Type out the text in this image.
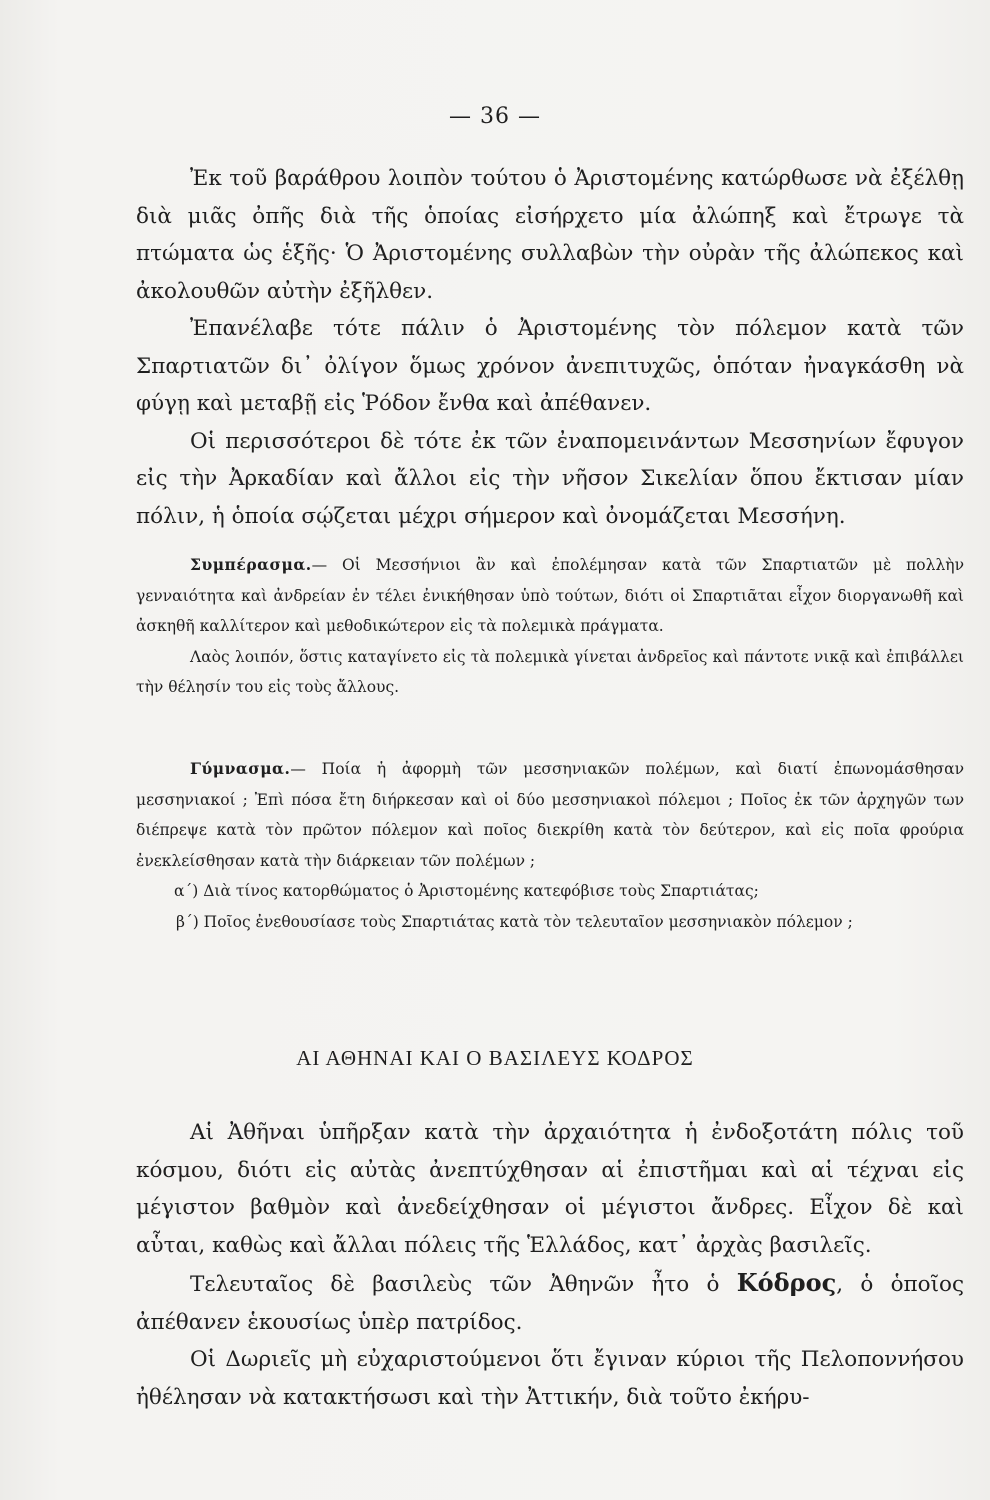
— 36 —

Ἐκ τοῦ βαράθρου λοιπὸν τούτου ὁ Ἀριστομένης κατώρθωσε νὰ ἐξέλθῃ διὰ μιᾶς ὀπῆς διὰ τῆς ὁποίας εἰσήρχετο μία ἀλώπηξ καὶ ἔτρωγε τὰ πτώματα ὡς ἑξῆς· Ὁ Ἀριστομένης συλλαβὼν τὴν οὐρὰν τῆς ἀλώπεκος καὶ ἀκολουθῶν αὐτὴν ἐξῆλθεν.

Ἐπανέλαβε τότε πάλιν ὁ Ἀριστομένης τὸν πόλεμον κατὰ τῶν Σπαρτιατῶν δι᾽ ὀλίγον ὅμως χρόνον ἀνεπιτυχῶς, ὁπόταν ἠναγκάσθη νὰ φύγῃ καὶ μεταβῇ εἰς Ῥόδον ἔνθα καὶ ἀπέθανεν.

Οἱ περισσότεροι δὲ τότε ἐκ τῶν ἐναπομεινάντων Μεσσηνίων ἔφυγον εἰς τὴν Ἀρκαδίαν καὶ ἄλλοι εἰς τὴν νῆσον Σικελίαν ὅπου ἔκτισαν μίαν πόλιν, ἡ ὁποία σῴζεται μέχρι σήμερον καὶ ὀνομάζεται Μεσσήνη.

Συμπέρασμα.— Οἱ Μεσσήνιοι ἂν καὶ ἐπολέμησαν κατὰ τῶν Σπαρτιατῶν μὲ πολλὴν γενναιότητα καὶ ἀνδρείαν ἐν τέλει ἐνικήθησαν ὑπὸ τούτων, διότι οἱ Σπαρτιᾶται εἶχον διοργανωθῆ καὶ ἀσκηθῆ καλλίτερον καὶ μεθοδικώτερον εἰς τὰ πολεμικὰ πράγματα.

Λαὸς λοιπόν, ὅστις καταγίνετο εἰς τὰ πολεμικὰ γίνεται ἀνδρεῖος καὶ πάντοτε νικᾷ καὶ ἐπιβάλλει τὴν θέλησίν του εἰς τοὺς ἄλλους.

Γύμνασμα.— Ποία ἡ ἀφορμὴ τῶν μεσσηνιακῶν πολέμων, καὶ διατί ἐπωνομάσθησαν μεσσηνιακοί ; Ἐπὶ πόσα ἔτη διήρκεσαν καὶ οἱ δύο μεσσηνιακοὶ πόλεμοι ; Ποῖος ἐκ τῶν ἀρχηγῶν των διέπρεψε κατὰ τὸν πρῶτον πόλεμον καὶ ποῖος διεκρίθη κατὰ τὸν δεύτερον, καὶ εἰς ποῖα φρούρια ἐνεκλείσθησαν κατὰ τὴν διάρκειαν τῶν πολέμων ;

α΄) Διὰ τίνος κατορθώματος ὁ Ἀριστομένης κατεφόβισε τοὺς Σπαρτιάτας;

β΄) Ποῖος ἐνεθουσίασε τοὺς Σπαρτιάτας κατὰ τὸν τελευταῖον μεσσηνιακὸν πόλεμον ;

ΑΙ ΑΘΗΝΑΙ ΚΑΙ Ο ΒΑΣΙΛΕΥΣ ΚΟΔΡΟΣ

Αἱ Ἀθῆναι ὑπῆρξαν κατὰ τὴν ἀρχαιότητα ἡ ἐνδοξοτάτη πόλις τοῦ κόσμου, διότι εἰς αὐτὰς ἀνεπτύχθησαν αἱ ἐπιστῆμαι καὶ αἱ τέχναι εἰς μέγιστον βαθμὸν καὶ ἀνεδείχθησαν οἱ μέγιστοι ἄνδρες. Εἶχον δὲ καὶ αὗται, καθὼς καὶ ἄλλαι πόλεις τῆς Ἑλλάδος, κατ᾽ ἀρχὰς βασιλεῖς.

Τελευταῖος δὲ βασιλεὺς τῶν Ἀθηνῶν ἦτο ὁ Κόδρος, ὁ ὁποῖος ἀπέθανεν ἑκουσίως ὑπὲρ πατρίδος.

Οἱ Δωριεῖς μὴ εὐχαριστούμενοι ὅτι ἔγιναν κύριοι τῆς Πελοποννήσου ἠθέλησαν νὰ κατακτήσωσι καὶ τὴν Ἀττικήν, διὰ τοῦτο ἐκήρυ-
